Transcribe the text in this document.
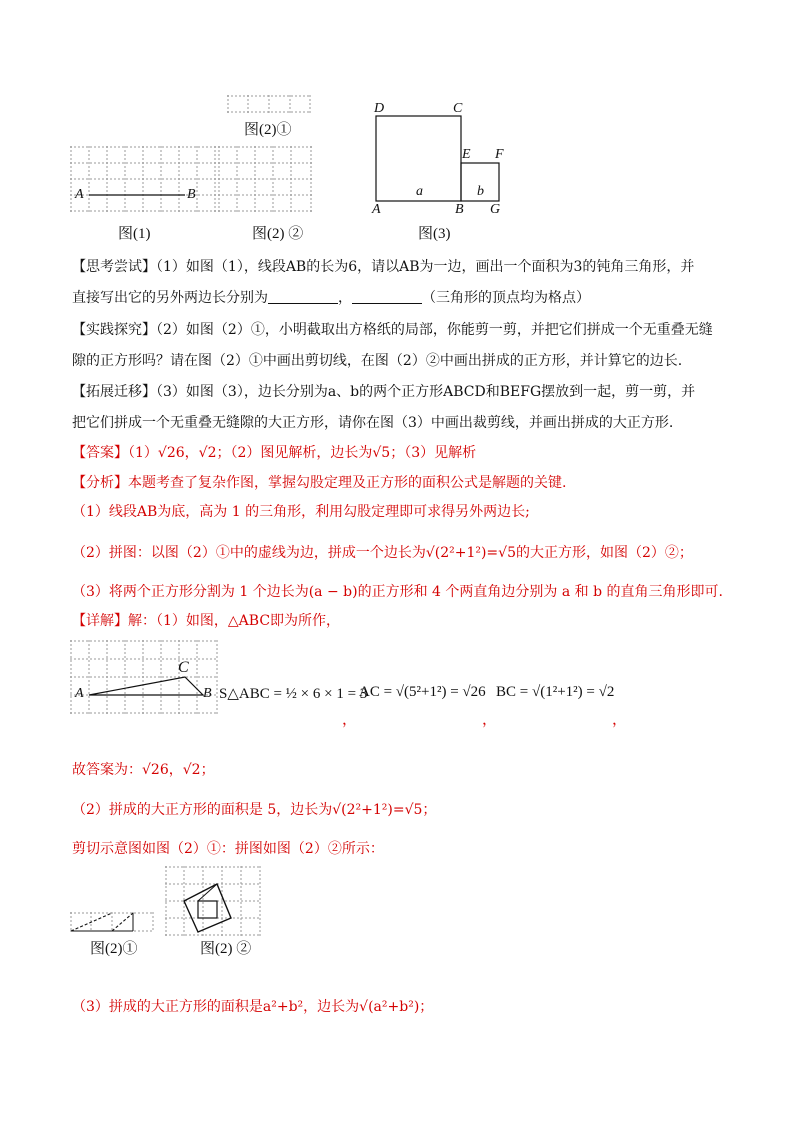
图(2)①
A	B
图(1)	图(2) ②
D	C
E F
a	b
A	B G
图(3)
【思考尝试】（1）如图（1），线段AB的长为6，请以AB为一边，画出一个面积为3的钝角三角形，并
直接写出它的另外两边长分别为	，	（三角形的顶点均为格点）
【实践探究】（2）如图（2）①，小明截取出方格纸的局部，你能剪一剪，并把它们拼成一个无重叠无缝
隙的正方形吗？请在图（2）①中画出剪切线，在图（2）②中画出拼成的正方形，并计算它的边长.
【拓展迁移】（3）如图（3），边长分别为a、b的两个正方形ABCD和BEFG摆放到一起，剪一剪，并
把它们拼成一个无重叠无缝隙的大正方形，请你在图（3）中画出裁剪线，并画出拼成的大正方形.
【答案】（1）√26，√2；（2）图见解析，边长为√5；（3）见解析
【分析】本题考查了复杂作图，掌握勾股定理及正方形的面积公式是解题的关键.
（1）线段AB为底，高为 1 的三角形，利用勾股定理即可求得另外两边长;
（2）拼图：以图（2）①中的虚线为边，拼成一个边长为√(2²+1²)=√5的大正方形，如图（2）②；
（3）将两个正方形分割为 1 个边长为(a − b)的正方形和 4 个两直角边分别为 a 和 b 的直角三角形即可.
【详解】解：（1）如图，△ABC即为所作，
C
A	B S△ABC = ½ × 6 × 1 = 3
AC = √(5²+1²) = √26 BC = √(1²+1²) = √2
，	，	，
故答案为：√26，√2；
（2）拼成的大正方形的面积是 5，边长为√(2²+1²)=√5；
剪切示意图如图（2）①：拼图如图（2）②所示：
图(2)①	图(2) ②
（3）拼成的大正方形的面积是a²+b²，边长为√(a²+b²)；
